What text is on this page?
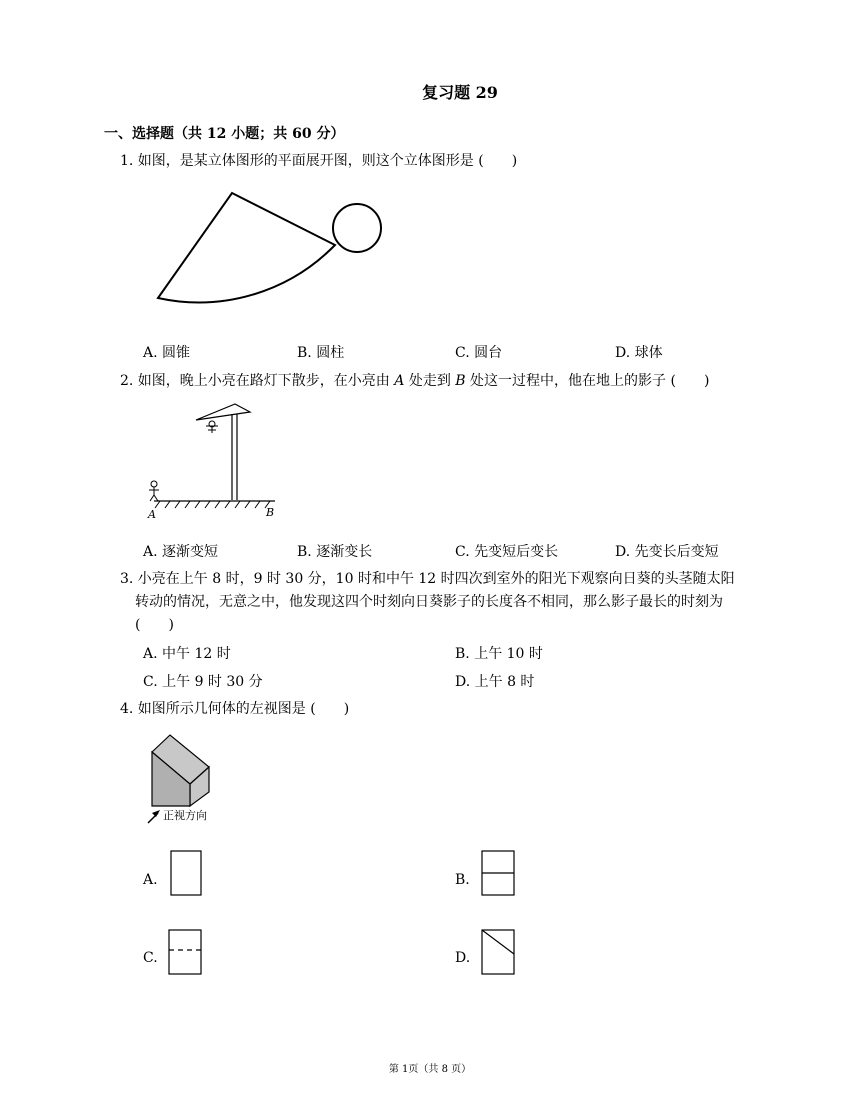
复习题 29
一、选择题（共 12 小题；共 60 分）
1. 如图，是某立体图形的平面展开图，则这个立体图形是 (　　)
A. 圆锥	B. 圆柱	C. 圆台	D. 球体
2. 如图，晚上小亮在路灯下散步，在小亮由 A 处走到 B 处这一过程中，他在地上的影子 (　　)
A	B
A. 逐渐变短	B. 逐渐变长	C. 先变短后变长	D. 先变长后变短
3. 小亮在上午 8 时，9 时 30 分，10 时和中午 12 时四次到室外的阳光下观察向日葵的头茎随太阳
转动的情况，无意之中，他发现这四个时刻向日葵影子的长度各不相同，那么影子最长的时刻为
(　　)
A. 中午 12 时	B. 上午 10 时
C. 上午 9 时 30 分	D. 上午 8 时
4. 如图所示几何体的左视图是 (　　)
正视方向
A.	B.
C.	D.
第 1页（共 8 页）
